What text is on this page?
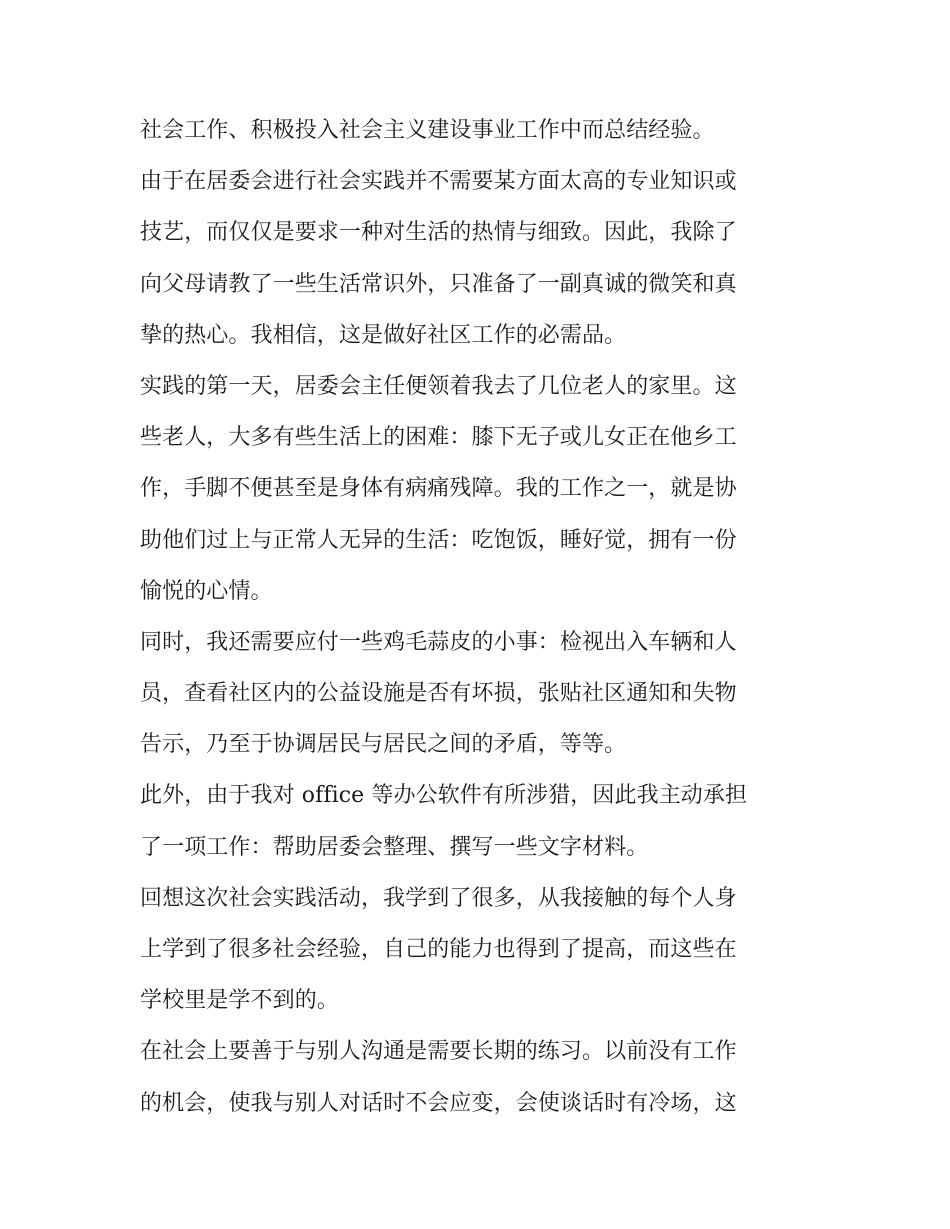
社会工作、积极投入社会主义建设事业工作中而总结经验。
由于在居委会进行社会实践并不需要某方面太高的专业知识或
技艺，而仅仅是要求一种对生活的热情与细致。因此，我除了
向父母请教了一些生活常识外，只准备了一副真诚的微笑和真
挚的热心。我相信，这是做好社区工作的必需品。
实践的第一天，居委会主任便领着我去了几位老人的家里。这
些老人，大多有些生活上的困难：膝下无子或儿女正在他乡工
作，手脚不便甚至是身体有病痛残障。我的工作之一，就是协
助他们过上与正常人无异的生活：吃饱饭，睡好觉，拥有一份
愉悦的心情。
同时，我还需要应付一些鸡毛蒜皮的小事：检视出入车辆和人
员，查看社区内的公益设施是否有坏损，张贴社区通知和失物
告示，乃至于协调居民与居民之间的矛盾，等等。
此外，由于我对 office 等办公软件有所涉猎，因此我主动承担
了一项工作：帮助居委会整理、撰写一些文字材料。
回想这次社会实践活动，我学到了很多，从我接触的每个人身
上学到了很多社会经验，自己的能力也得到了提高，而这些在
学校里是学不到的。
在社会上要善于与别人沟通是需要长期的练习。以前没有工作
的机会，使我与别人对话时不会应变，会使谈话时有冷场，这
